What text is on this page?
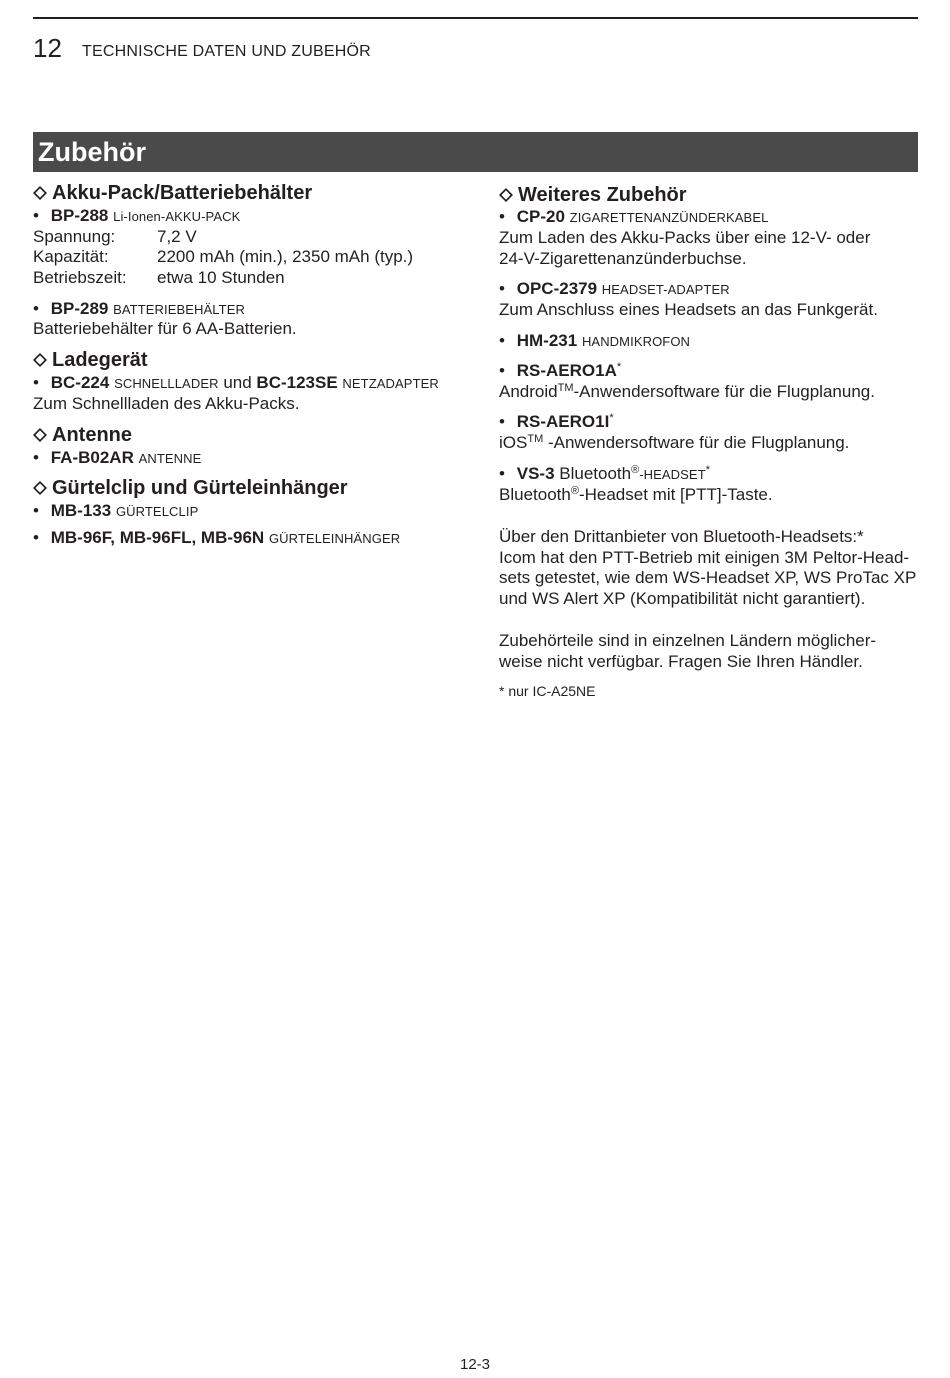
12 TECHNISCHE DATEN UND ZUBEHÖR
Zubehör
Akku-Pack/Batteriebehälter
• BP-288 Li-Ionen-AKKU-PACK
Spannung: 7,2 V
Kapazität:	2200 mAh (min.), 2350 mAh (typ.)
Betriebszeit: etwa 10 Stunden
• BP-289 BATTERIEBEHÄLTER
Batteriebehälter für 6 AA-Batterien.
Ladegerät
• BC-224 SCHNELLLADER und BC-123SE NETZADAPTER
Zum Schnellladen des Akku-Packs.
Antenne
• FA-B02AR ANTENNE
Gürtelclip und Gürteleinhänger
• MB-133 GÜRTELCLIP
• MB-96F, MB-96FL, MB-96N GÜRTELEINHÄNGER
Weiteres Zubehör
• CP-20 ZIGARETTENANZÜNDERKABEL
Zum Laden des Akku-Packs über eine 12-V- oder
24-V-Zigarettenanzünderbuchse.
• OPC-2379 HEADSET-ADAPTER
Zum Anschluss eines Headsets an das Funkgerät.
• HM-231 HANDMIKROFON
• RS-AERO1A*
Android™-Anwendersoftware für die Flugplanung.
• RS-AERO1I*
iOS™ -Anwendersoftware für die Flugplanung.
• VS-3 Bluetooth®-HEADSET*
Bluetooth®-Headset mit [PTT]-Taste.
Über den Drittanbieter von Bluetooth-Headsets:*
Icom hat den PTT-Betrieb mit einigen 3M Peltor-Head-
sets getestet, wie dem WS-Headset XP, WS ProTac XP
und WS Alert XP (Kompatibilität nicht garantiert).
Zubehörteile sind in einzelnen Ländern möglicher-
weise nicht verfügbar. Fragen Sie Ihren Händler.
* nur IC-A25NE
12-3
